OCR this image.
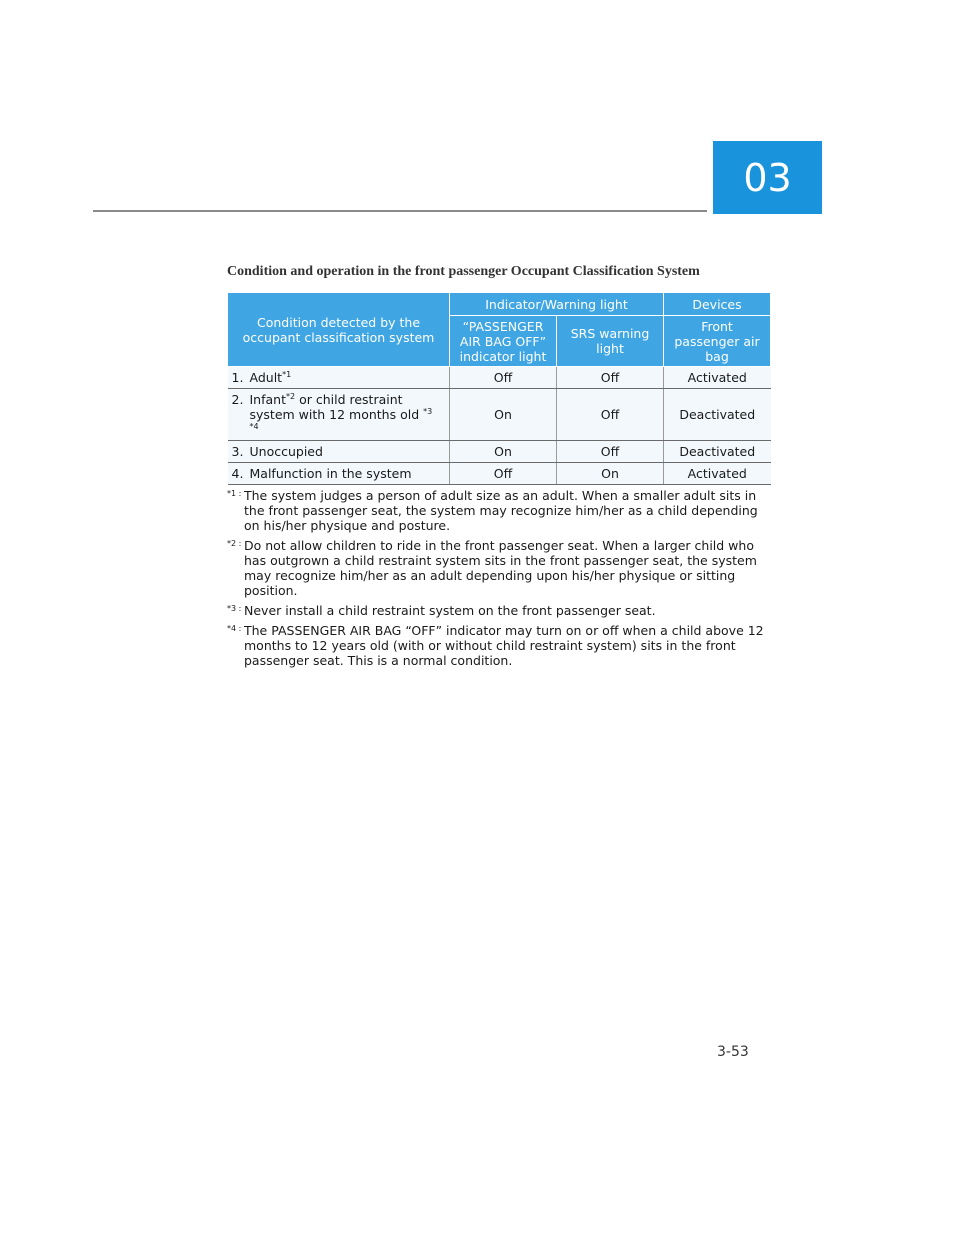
03
Condition and operation in the front passenger Occupant Classification System
Condition detected by the occupant classification system	Indicator/Warning light		Devices
	“PASSENGER AIR BAG OFF” indicator light	SRS warning light	Front passenger air bag
1. Adult$^{*1}$	Off	Off	Activated
2. Infant$^{*2}$ or child restraint system with 12 months old $^{*3 *4}$	On	Off	Deactivated
3. Unoccupied	On	Off	Deactivated
4. Malfunction in the system	Off	On	Activated
*1 : The system judges a person of adult size as an adult. When a smaller adult sits in the front passenger seat, the system may recognize him/her as a child depending on his/her physique and posture.
*2 : Do not allow children to ride in the front passenger seat. When a larger child who has outgrown a child restraint system sits in the front passenger seat, the system may recognize him/her as an adult depending upon his/her physique or sitting position.
*3 : Never install a child restraint system on the front passenger seat.
*4 : The PASSENGER AIR BAG “OFF” indicator may turn on or off when a child above 12 months to 12 years old (with or without child restraint system) sits in the front passenger seat. This is a normal condition.
3-53
